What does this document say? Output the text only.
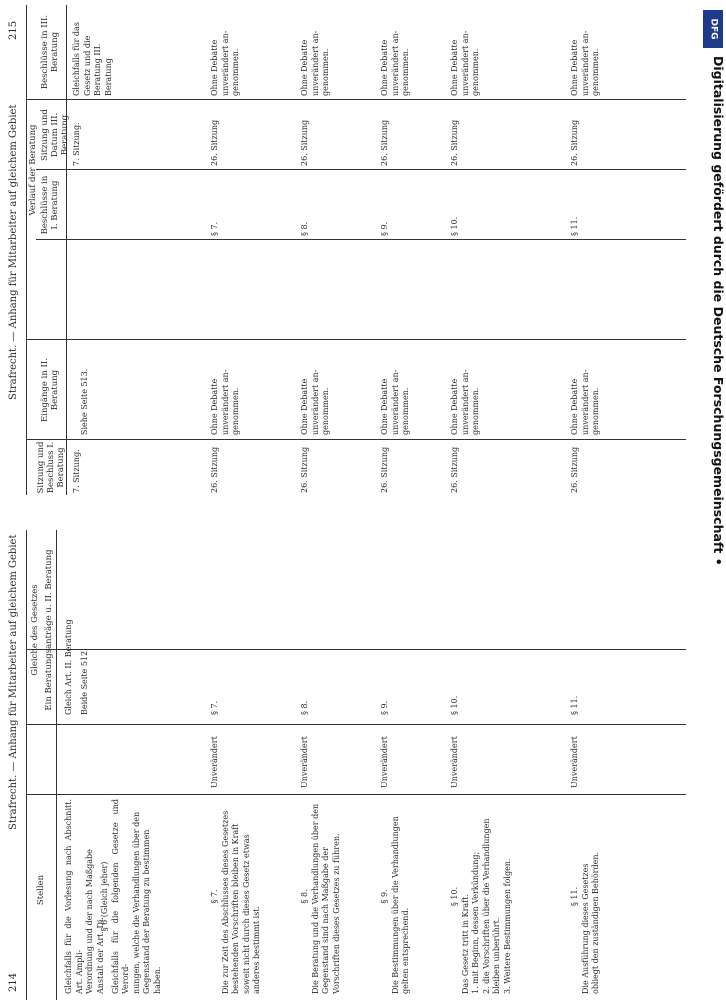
214
Strafrecht. — Anhang für Mitarbeiter auf gleichem Gebiet
Stellen
Gleiche des Gesetzes Ein Beratungsanträge u. II. Beratung
Gleichfalls für die Vorlesung nach Abschnitt. Art. Ampli- Verordnung und der nach Maßgabe Anstalt der Art. Di.
§ 6 (Gleich jeher) Gleichfalls für die folgenden Gesetze und Verord- nungen, welche die Verhandlungen über den Gegenstand der Beratung zu bestimmen haben.
Gleich Art. II. Beratung Beide Seite 512.
§ 7. Die zur Zeit des Abschlusses dieses Gesetzes bestehenden Vorschriften bleiben in Kraft soweit nicht durch dieses Gesetz etwas anderes bestimmt ist.
Unverändert
§ 7.
§ 8. Die Beratung und die Verhandlungen über den Gegenstand sind nach Maßgabe der Vorschriften dieses Gesetzes zu führen.
Unverändert
§ 8.
§ 9. Die Bestimmungen über die Verhandlungen gelten entsprechend.
Unverändert
§ 9.
§ 10. Das Gesetz tritt in Kraft. 1. mit Beginn, dessen Verkündung; 2. die Vorschriften über die Verhandlungen bleiben unberührt. 3. Weitere Bestimmungen folgen.
Unverändert
§ 10.
§ 11. Die Ausführung dieses Gesetzes obliegt den zuständigen Behörden.
Unverändert
§ 11.
Strafrecht. — Anhang für Mitarbeiter auf gleichem Gebiet
215
Verlauf der Beratung
Sitzung und Beschluss I. Beratung
Eingänge in II. Beratung
Beschlüsse in I. Beratung
Sitzung und Datum III. Beratung
Beschlüsse in III. Beratung
7. Sitzung.
Siehe Seite 513.
7. Sitzung.
Gleichfalls für das Gesetz und die Beratung III. Beratung
26. Sitzung
Ohne Debatte unverändert an-genommen.
§ 7.
26. Sitzung
Ohne Debatte unverändert an-genommen.
26. Sitzung
Ohne Debatte unverändert an-genommen.
§ 8.
26. Sitzung
Ohne Debatte unverändert an-genommen.
26. Sitzung
Ohne Debatte unverändert an-genommen.
§ 9.
26. Sitzung
Ohne Debatte unverändert an-genommen.
26. Sitzung
Ohne Debatte unverändert an-genommen.
§ 10.
26. Sitzung
Ohne Debatte unverändert an-genommen.
26. Sitzung
Ohne Debatte unverändert an-genommen.
§ 11.
26. Sitzung
Ohne Debatte unverändert an-genommen.
DFG
Digitalisierung gefördert durch die Deutsche Forschungsgemeinschaft •
